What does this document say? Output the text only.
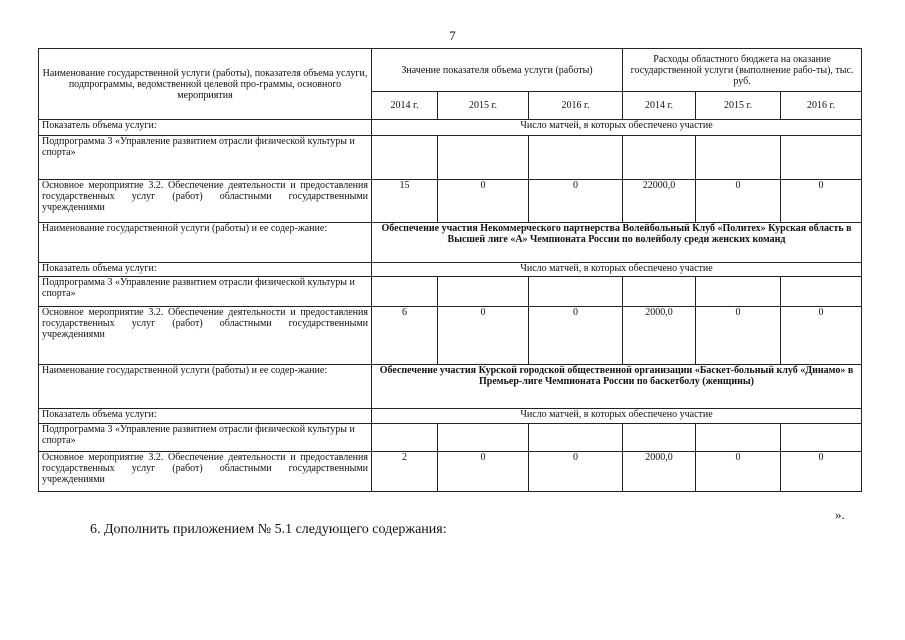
7
Наименование государственной услуги (работы), показателя объема услуги, подпрограммы, ведомственной целевой про-граммы, основного мероприятия	Значение показателя объема услуги (работы)			Расходы областного бюджета на оказание государственной услуги (выполнение рабо-ты), тыс. руб.		
	2014 г.	2015 г.	2016 г.	2014 г.	2015 г.	2016 г.
Показатель объема услуги:	Число матчей, в которых обеспечено участие					
Подпрограмма 3 «Управление развитием отрасли физической культуры и спорта»						
Основное мероприятие 3.2. Обеспечение деятельности и предоставления государственных услуг (работ) областными государственными учреждениями	15	0	0	22000,0	0	0
Наименование государственной услуги (работы) и ее содер-жание:	Обеспечение участия Некоммерческого партнерства Волейбольный Клуб «Политех» Курская область в Высшей лиге «А» Чемпионата России по волейболу среди женских команд					
Показатель объема услуги:	Число матчей, в которых обеспечено участие					
Подпрограмма 3 «Управление развитием отрасли физической культуры и спорта»						
Основное мероприятие 3.2. Обеспечение деятельности и предоставления государственных услуг (работ) областными государственными учреждениями	6	0	0	2000,0	0	0
Наименование государственной услуги (работы) и ее содер-жание:	Обеспечение участия Курской городской общественной организации «Баскет-больный клуб «Динамо» в Премьер-лиге Чемпионата России по баскетболу (женщины)					
Показатель объема услуги:	Число матчей, в которых обеспечено участие					
Подпрограмма 3 «Управление развитием отрасли физической культуры и спорта»						
Основное мероприятие 3.2. Обеспечение деятельности и предоставления государственных услуг (работ) областными государственными учреждениями	2	0	0	2000,0	0	0
».
6. Дополнить приложением № 5.1 следующего содержания:
